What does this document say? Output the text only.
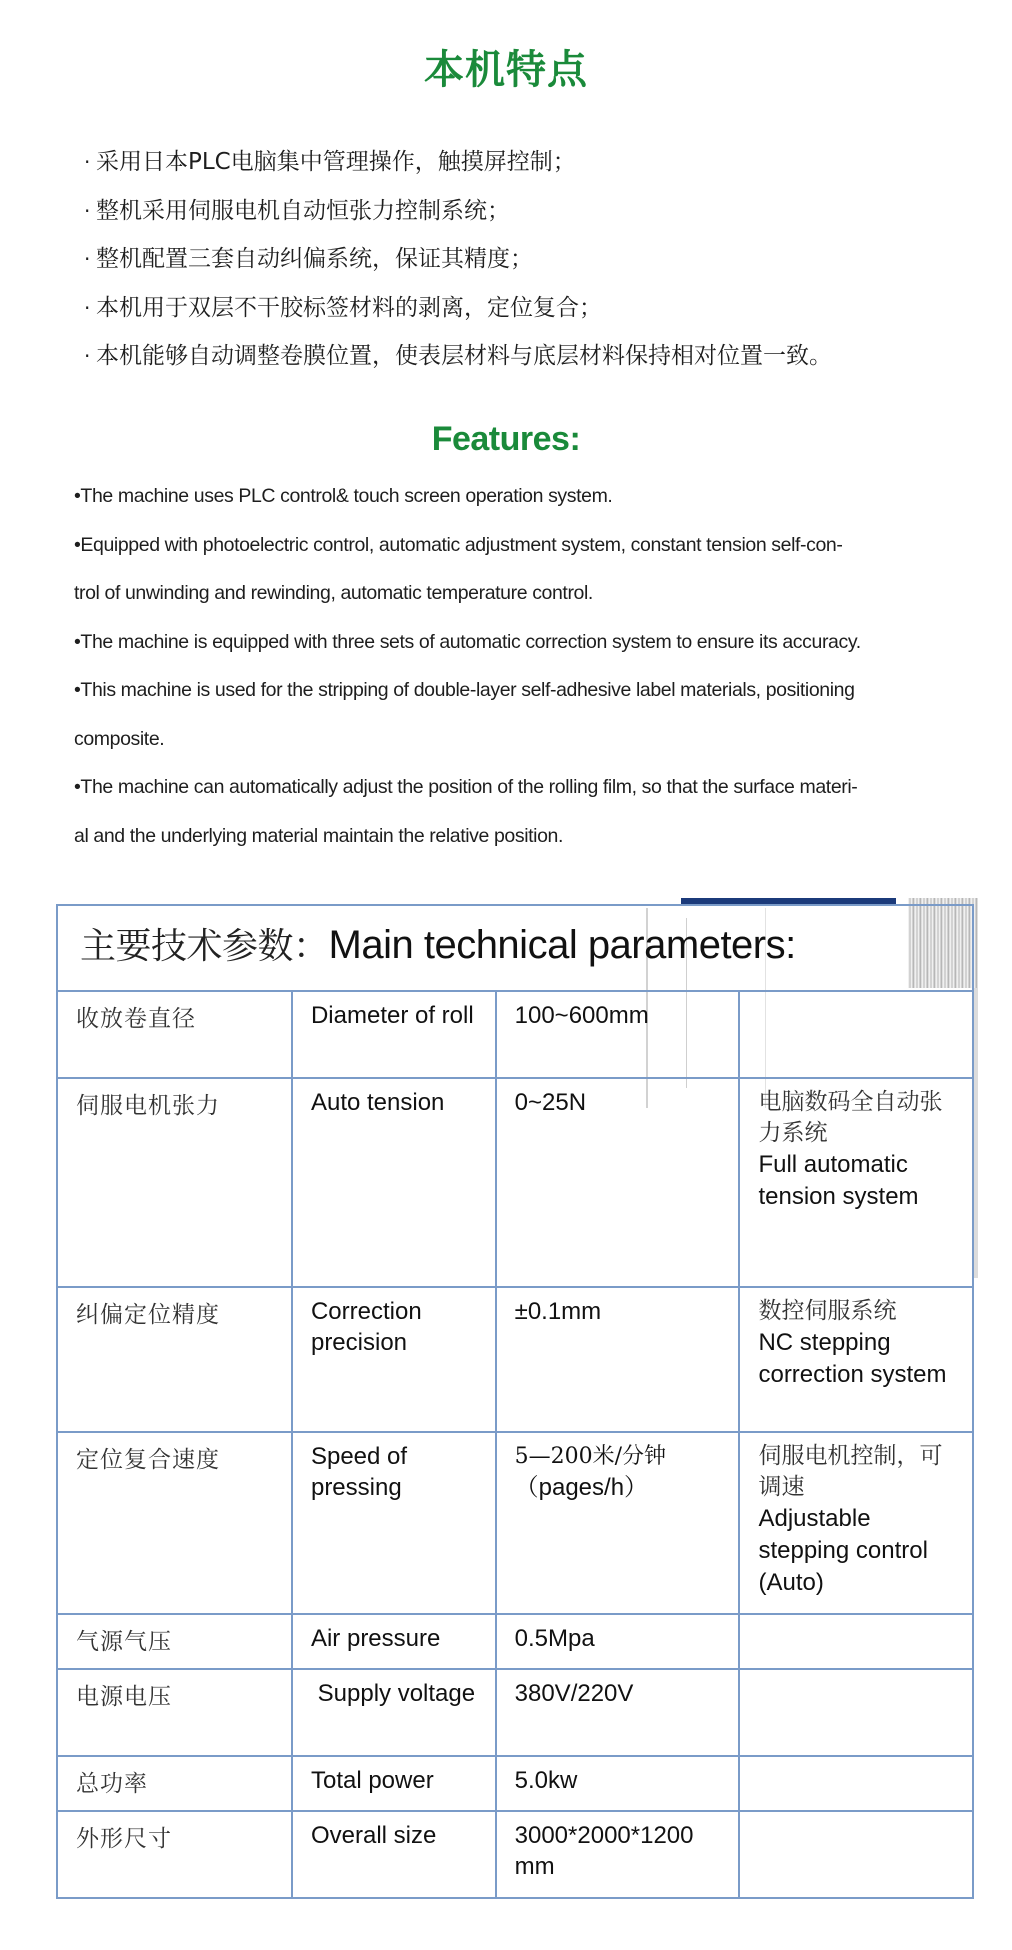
本机特点
· 采用日本PLC电脑集中管理操作，触摸屏控制；
· 整机采用伺服电机自动恒张力控制系统；
· 整机配置三套自动纠偏系统，保证其精度；
· 本机用于双层不干胶标签材料的剥离，定位复合；
· 本机能够自动调整卷膜位置，使表层材料与底层材料保持相对位置一致。
Features:
•The machine uses PLC control& touch screen operation system.
•Equipped with photoelectric control, automatic adjustment system, constant tension self-con-
trol of unwinding and rewinding, automatic temperature control.
•The machine is equipped with three sets of automatic correction system to ensure its accuracy.
•This machine is used for the stripping of double-layer self-adhesive label materials, positioning
composite.
•The machine can automatically adjust the position of the rolling film, so that the surface materi-
al and the underlying material maintain the relative position.
主要技术参数：Main technical parameters:			
收放卷直径	Diameter of roll	100~600mm	
伺服电机张力	Auto tension	0~25N	电脑数码全自动张力系统
Full automatic tension system

纠偏定位精度	Correction precision	±0.1mm	数控伺服系统
NC stepping correction system

定位复合速度	Speed of pressing	5—200米/分钟
（pages/h）	伺服电机控制，可调速
Adjustable stepping control (Auto)

气源气压	Air pressure	0.5Mpa	
电源电压	Supply voltage	380V/220V	
总功率	Total power	5.0kw	
外形尺寸	Overall size	3000*2000*1200 mm	
